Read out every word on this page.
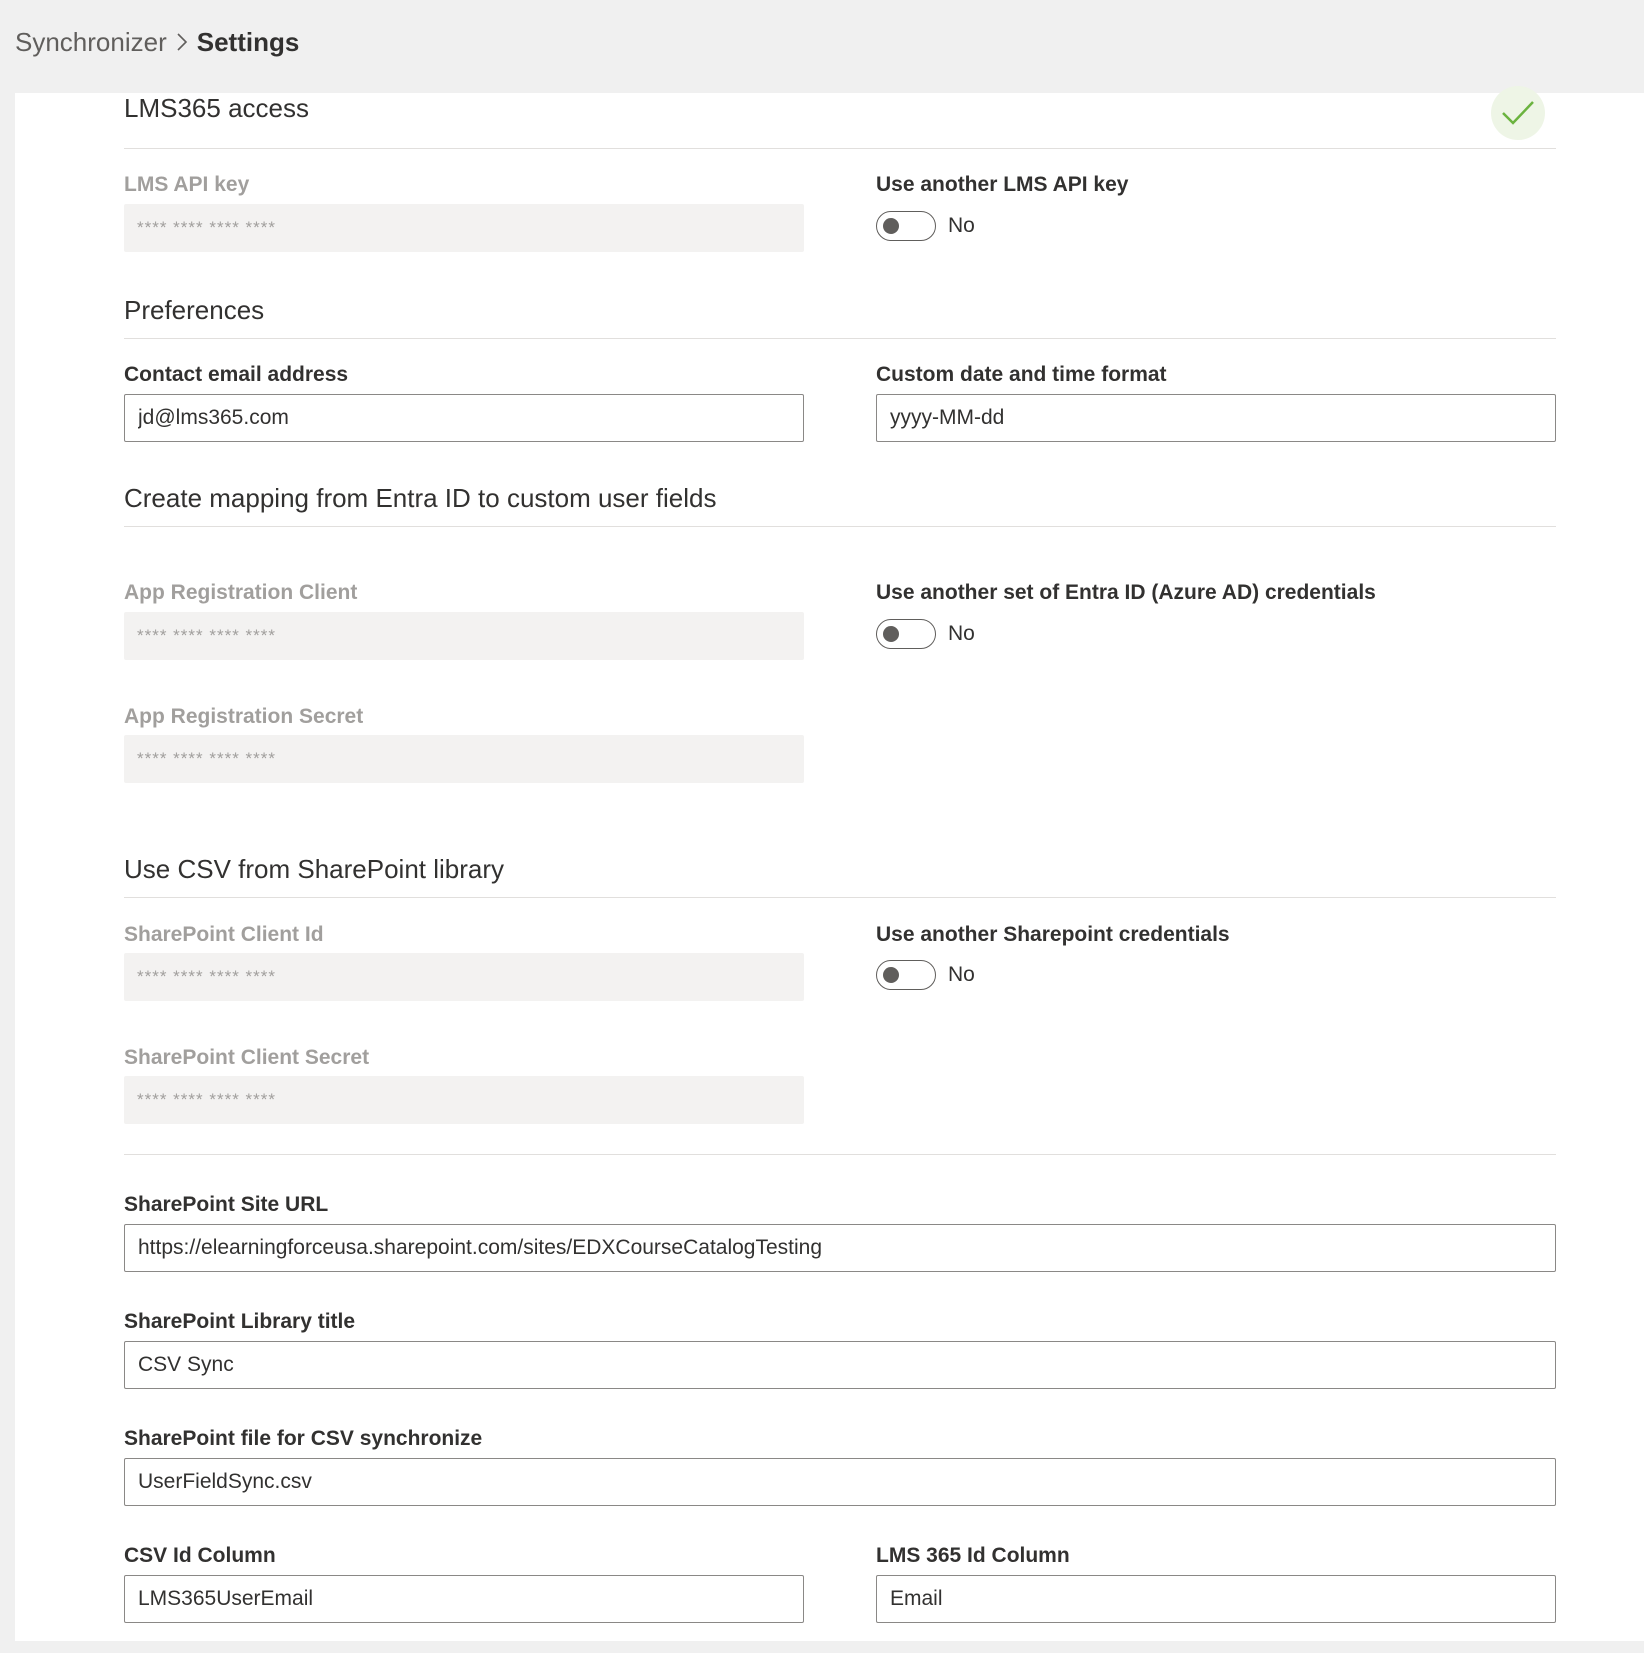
Synchronizer Settings
LMS365 access
LMS API key
**** **** **** ****
Use another LMS API key
No
Preferences
Contact email address
jd@lms365.com	Custom date and time format
yyyy-MM-dd
Create mapping from Entra ID to custom user fields
App Registration Client
**** **** **** ****
Use another set of Entra ID (Azure AD) credentials
No
App Registration Secret
**** **** **** ****
Use CSV from SharePoint library
SharePoint Client Id
**** **** **** ****
Use another Sharepoint credentials
No
SharePoint Client Secret
**** **** **** ****
SharePoint Site URL
https://elearningforceusa.sharepoint.com/sites/EDXCourseCatalogTesting
SharePoint Library title
CSV Sync
SharePoint file for CSV synchronize
UserFieldSync.csv
CSV Id Column
LMS365UserEmail	LMS 365 Id Column
Email
